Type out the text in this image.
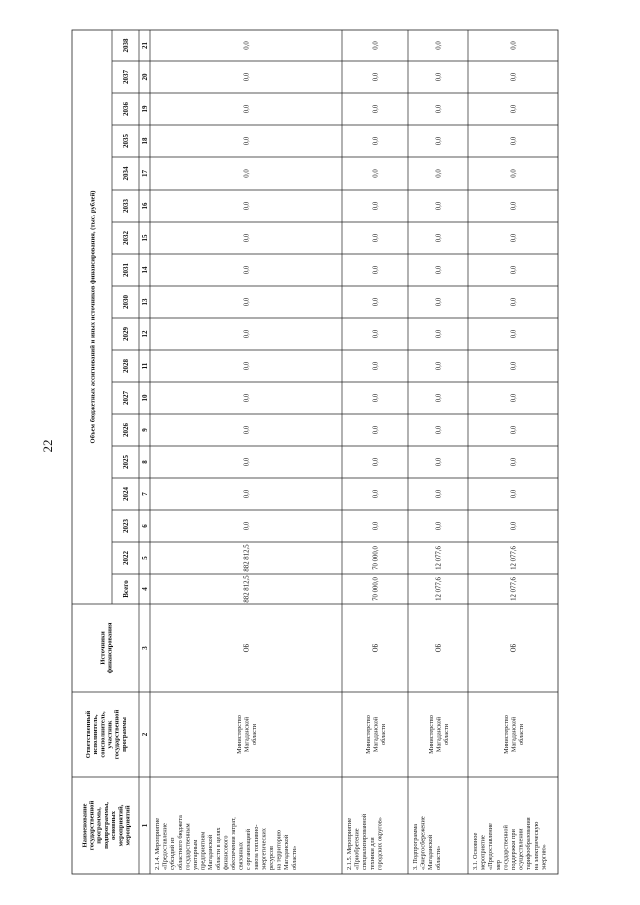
22
Наименование государственной программы, подпрограммы, основных мероприятий, мероприятий
Ответственный исполнитель, соисполнитель, участник государственной программы
Источники финансирования
Объем бюджетных ассигнований и иных источников финансирования, (тыс. рублей)
Всего 4
2022 5
2023 6
2024 7
2025 8
2026 9
2027 10
2028 11
2029 12
2030 13
2031 14
2032 15
2033 16
2034 17
2035 18
2036 19
2037 20
2038 21
1
2
3
2.1.4. Мероприятие «Предоставление субсидий из областного бюджета государственным унитарным предприятиям Магаданской области в целях финансового обеспечения затрат, связанных с организацией завоза топливно- энергетических ресурсов на территорию Магаданской области»
Министерство Магаданской области
ОБ
882 812,5
882 812,5
0,0
0,0
0,0
0,0
0,0
0,0
0,0
0,0
0,0
0,0
0,0
0,0
0,0
0,0
0,0
0,0
2.1.5. Мероприятие «Приобретение специализированной техники для городских округов»
Министерство Магаданской области
ОБ
70 000,0
70 000,0
0,0
0,0
0,0
0,0
0,0
0,0
0,0
0,0
0,0
0,0
0,0
0,0
0,0
0,0
0,0
0,0
3. Подпрограмма «Энергосбережение Магаданской области»
Министерство Магаданской области
ОБ
12 077,6
12 077,6
0,0
0,0
0,0
0,0
0,0
0,0
0,0
0,0
0,0
0,0
0,0
0,0
0,0
0,0
0,0
0,0
3.1. Основное мероприятие «Предоставление мер государственной поддержки при осуществлении тарифообразования на электрическую энергию»
Министерство Магаданской области
ОБ
12 077,6
12 077,6
0,0
0,0
0,0
0,0
0,0
0,0
0,0
0,0
0,0
0,0
0,0
0,0
0,0
0,0
0,0
0,0
